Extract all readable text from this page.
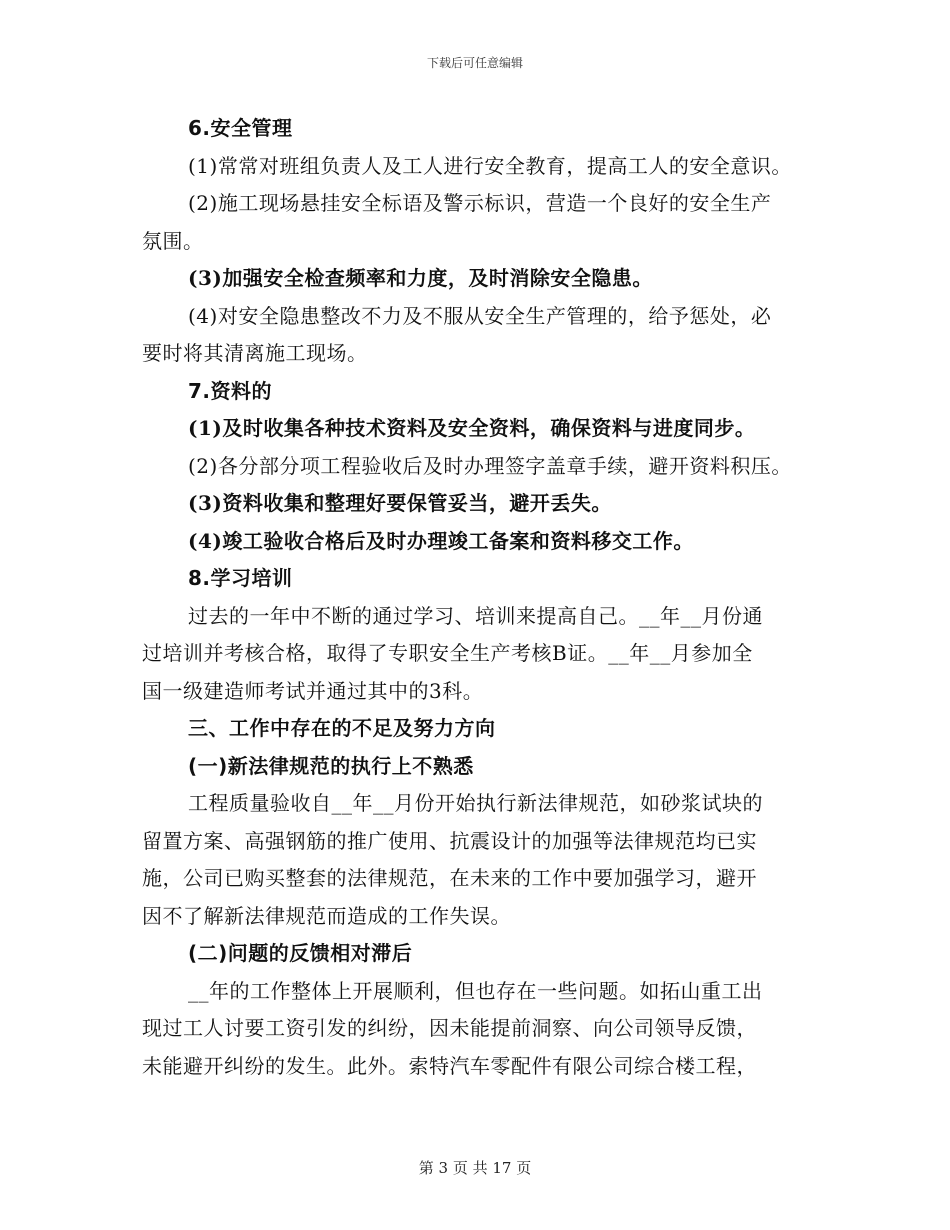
下载后可任意编辑
6.安全管理
(1)常常对班组负责人及工人进行安全教育，提高工人的安全意识。
(2)施工现场悬挂安全标语及警示标识，营造一个良好的安全生产
氛围。
(3)加强安全检查频率和力度，及时消除安全隐患。
(4)对安全隐患整改不力及不服从安全生产管理的，给予惩处，必
要时将其清离施工现场。
7.资料的
(1)及时收集各种技术资料及安全资料，确保资料与进度同步。
(2)各分部分项工程验收后及时办理签字盖章手续，避开资料积压。
(3)资料收集和整理好要保管妥当，避开丢失。
(4)竣工验收合格后及时办理竣工备案和资料移交工作。
8.学习培训
过去的一年中不断的通过学习、培训来提高自己。__年__月份通
过培训并考核合格，取得了专职安全生产考核B证。__年__月参加全
国一级建造师考试并通过其中的3科。
三、工作中存在的不足及努力方向
(一)新法律规范的执行上不熟悉
工程质量验收自__年__月份开始执行新法律规范，如砂浆试块的
留置方案、高强钢筋的推广使用、抗震设计的加强等法律规范均已实
施，公司已购买整套的法律规范，在未来的工作中要加强学习，避开
因不了解新法律规范而造成的工作失误。
(二)问题的反馈相对滞后
__年的工作整体上开展顺利，但也存在一些问题。如拓山重工出
现过工人讨要工资引发的纠纷，因未能提前洞察、向公司领导反馈，
未能避开纠纷的发生。此外。索特汽车零配件有限公司综合楼工程，
第 3 页 共 17 页
